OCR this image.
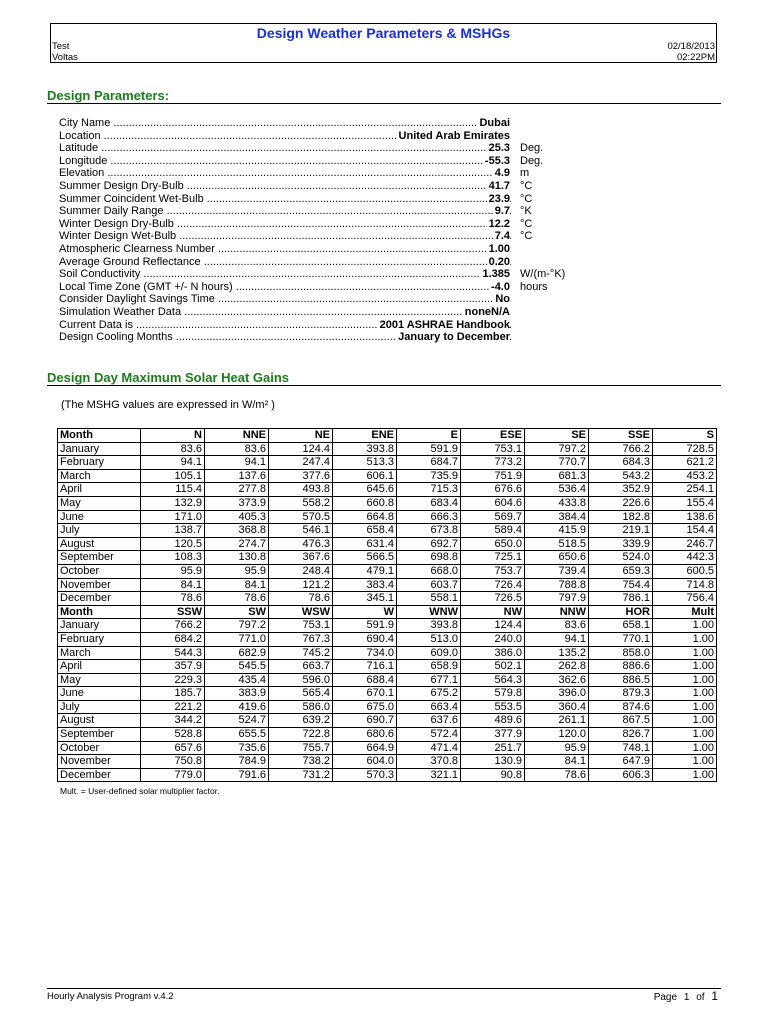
Design Weather Parameters & MSHGs
Test
Voltas
02/18/2013
02:22PM
Design Parameters:
City Name .....	Dubai
Location .....	United Arab Emirates
Latitude .....	25.3 Deg.
Longitude .....	-55.3 Deg.
Elevation .....	4.9 m
Summer Design Dry-Bulb .....	41.7 °C
Summer Coincident Wet-Bulb .....	23.9 °C
Summer Daily Range .....	9.7 °K
Winter Design Dry-Bulb .....	12.2 °C
Winter Design Wet-Bulb .....	7.4 °C
Atmospheric Clearness Number .....	1.00
Average Ground Reflectance .....	0.20
Soil Conductivity .....	1.385 W/(m-°K)
Local Time Zone (GMT +/- N hours) .....	-4.0 hours
Consider Daylight Savings Time .....	No
Simulation Weather Data .....	noneN/A
Current Data is .....	2001 ASHRAE Handbook
Design Cooling Months .....	January to December
Design Day Maximum Solar Heat Gains
(The MSHG values are expressed in W/m² )
Month	N	NNE	NE	ENE	E	ESE	SE	SSE	S
January	83.6	83.6	124.4	393.8	591.9	753.1	797.2	766.2	728.5
February	94.1	94.1	247.4	513.3	684.7	773.2	770.7	684.3	621.2
March	105.1	137.6	377.6	606.1	735.9	751.9	681.3	543.2	453.2
April	115.4	277.8	493.8	645.6	715.3	676.6	536.4	352.9	254.1
May	132.9	373.9	558.2	660.8	683.4	604.6	433.8	226.6	155.4
June	171.0	405.3	570.5	664.8	666.3	569.7	384.4	182.8	138.6
July	138.7	368.8	546.1	658.4	673.8	589.4	415.9	219.1	154.4
August	120.5	274.7	476.3	631.4	692.7	650.0	518.5	339.9	246.7
September	108.3	130.8	367.6	566.5	698.8	725.1	650.6	524.0	442.3
October	95.9	95.9	248.4	479.1	668.0	753.7	739.4	659.3	600.5
November	84.1	84.1	121.2	383.4	603.7	726.4	788.8	754.4	714.8
December	78.6	78.6	78.6	345.1	558.1	726.5	797.9	786.1	756.4
Month	SSW	SW	WSW	W	WNW	NW	NNW	HOR	Mult
January	766.2	797.2	753.1	591.9	393.8	124.4	83.6	658.1	1.00
February	684.2	771.0	767.3	690.4	513.0	240.0	94.1	770.1	1.00
March	544.3	682.9	745.2	734.0	609.0	386.0	135.2	858.0	1.00
April	357.9	545.5	663.7	716.1	658.9	502.1	262.8	886.6	1.00
May	229.3	435.4	596.0	688.4	677.1	564.3	362.6	886.5	1.00
June	185.7	383.9	565.4	670.1	675.2	579.8	396.0	879.3	1.00
July	221.2	419.6	586.0	675.0	663.4	553.5	360.4	874.6	1.00
August	344.2	524.7	639.2	690.7	637.6	489.6	261.1	867.5	1.00
September	528.8	655.5	722.8	680.6	572.4	377.9	120.0	826.7	1.00
October	657.6	735.6	755.7	664.9	471.4	251.7	95.9	748.1	1.00
November	750.8	784.9	738.2	604.0	370.8	130.9	84.1	647.9	1.00
December	779.0	791.6	731.2	570.3	321.1	90.8	78.6	606.3	1.00
Mult. = User-defined solar multiplier factor.
Hourly Analysis Program v.4.2	Page 1 of 1
